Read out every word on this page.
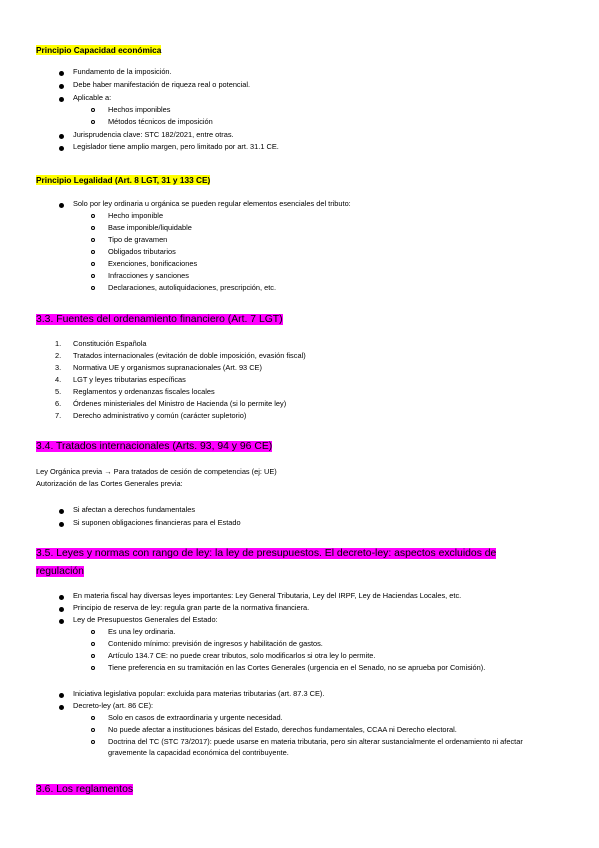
Principio Capacidad económica
Fundamento de la imposición.
Debe haber manifestación de riqueza real o potencial.
Aplicable a:
Hechos imponibles
Métodos técnicos de imposición
Jurisprudencia clave: STC 182/2021, entre otras.
Legislador tiene amplio margen, pero limitado por art. 31.1 CE.
Principio Legalidad (Art. 8 LGT, 31 y 133 CE)
Solo por ley ordinaria u orgánica se pueden regular elementos esenciales del tributo:
Hecho imponible
Base imponible/liquidable
Tipo de gravamen
Obligados tributarios
Exenciones, bonificaciones
Infracciones y sanciones
Declaraciones, autoliquidaciones, prescripción, etc.
3.3. Fuentes del ordenamiento financiero (Art. 7 LGT)
1. Constitución Española
2. Tratados internacionales (evitación de doble imposición, evasión fiscal)
3. Normativa UE y organismos supranacionales (Art. 93 CE)
4. LGT y leyes tributarias específicas
5. Reglamentos y ordenanzas fiscales locales
6. Órdenes ministeriales del Ministro de Hacienda (si lo permite ley)
7. Derecho administrativo y común (carácter supletorio)
3.4. Tratados internacionales (Arts. 93, 94 y 96 CE)
Ley Orgánica previa → Para tratados de cesión de competencias (ej: UE)
Autorización de las Cortes Generales previa:
Si afectan a derechos fundamentales
Si suponen obligaciones financieras para el Estado
3.5. Leyes y normas con rango de ley: la ley de presupuestos. El decreto-ley: aspectos excluidos de
regulación
En materia fiscal hay diversas leyes importantes: Ley General Tributaria, Ley del IRPF, Ley de Haciendas Locales, etc.
Principio de reserva de ley: regula gran parte de la normativa financiera.
Ley de Presupuestos Generales del Estado:
Es una ley ordinaria.
Contenido mínimo: previsión de ingresos y habilitación de gastos.
Artículo 134.7 CE: no puede crear tributos, solo modificarlos si otra ley lo permite.
Tiene preferencia en su tramitación en las Cortes Generales (urgencia en el Senado, no se aprueba por Comisión).
Iniciativa legislativa popular: excluida para materias tributarias (art. 87.3 CE).
Decreto-ley (art. 86 CE):
Solo en casos de extraordinaria y urgente necesidad.
No puede afectar a instituciones básicas del Estado, derechos fundamentales, CCAA ni Derecho electoral.
Doctrina del TC (STC 73/2017): puede usarse en materia tributaria, pero sin alterar sustancialmente el ordenamiento ni afectar gravemente la capacidad económica del contribuyente.
3.6. Los reglamentos
